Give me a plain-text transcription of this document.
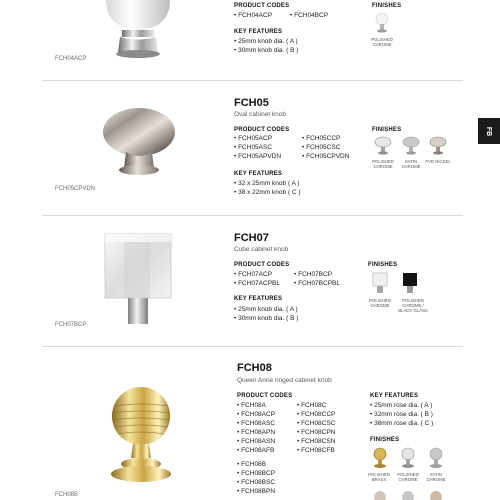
FB
FCH04ACP
PRODUCT CODES
• FCH04ACP	• FCH04BCP
KEY FEATURES
• 25mm knob dia. ( A )
• 30mm knob dia. ( B )
FINISHES
POLISHED CHROME
FCH05CPVDN
FCH05
Oval cabinet knob
PRODUCT CODES
• FCH05ACP
• FCH05ASC
• FCH05APVDN
• FCH05CCP
• FCH05CSC
• FCH05CPVDN
KEY FEATURES
• 32 x 25mm knob ( A )
• 38 x 22mm knob ( C )
FINISHES
POLISHED CHROME
SATIN CHROME
PVD NICKEL
FCH07BCP
FCH07
Cube cabinet knob
PRODUCT CODES
• FCH07ACP
• FCH07ACPBL
• FCH07BCP
• FCH07BCPBL
KEY FEATURES
• 25mm knob dia. ( A )
• 30mm knob dia. ( B )
FINISHES
POLISHED CHROME
POLISHED CHROME / BLACK GLASS
FCH08B
FCH08
Queen Anne ringed cabinet knob
PRODUCT CODES
• FCH08A
• FCH08ACP
• FCH08ASC
• FCH08APN
• FCH08ASN
• FCH08AFB
• FCH08C
• FCH08CCP
• FCH08CSC
• FCH08CPN
• FCH08CSN
• FCH08CFB
• FCH08B
• FCH08BCP
• FCH08BSC
• FCH08BPN
KEY FEATURES
• 25mm rose dia. ( A )
• 32mm rose dia. ( B )
• 38mm rose dia. ( C )
FINISHES
POLISHED BRASS
POLISHED CHROME
SATIN CHROME
